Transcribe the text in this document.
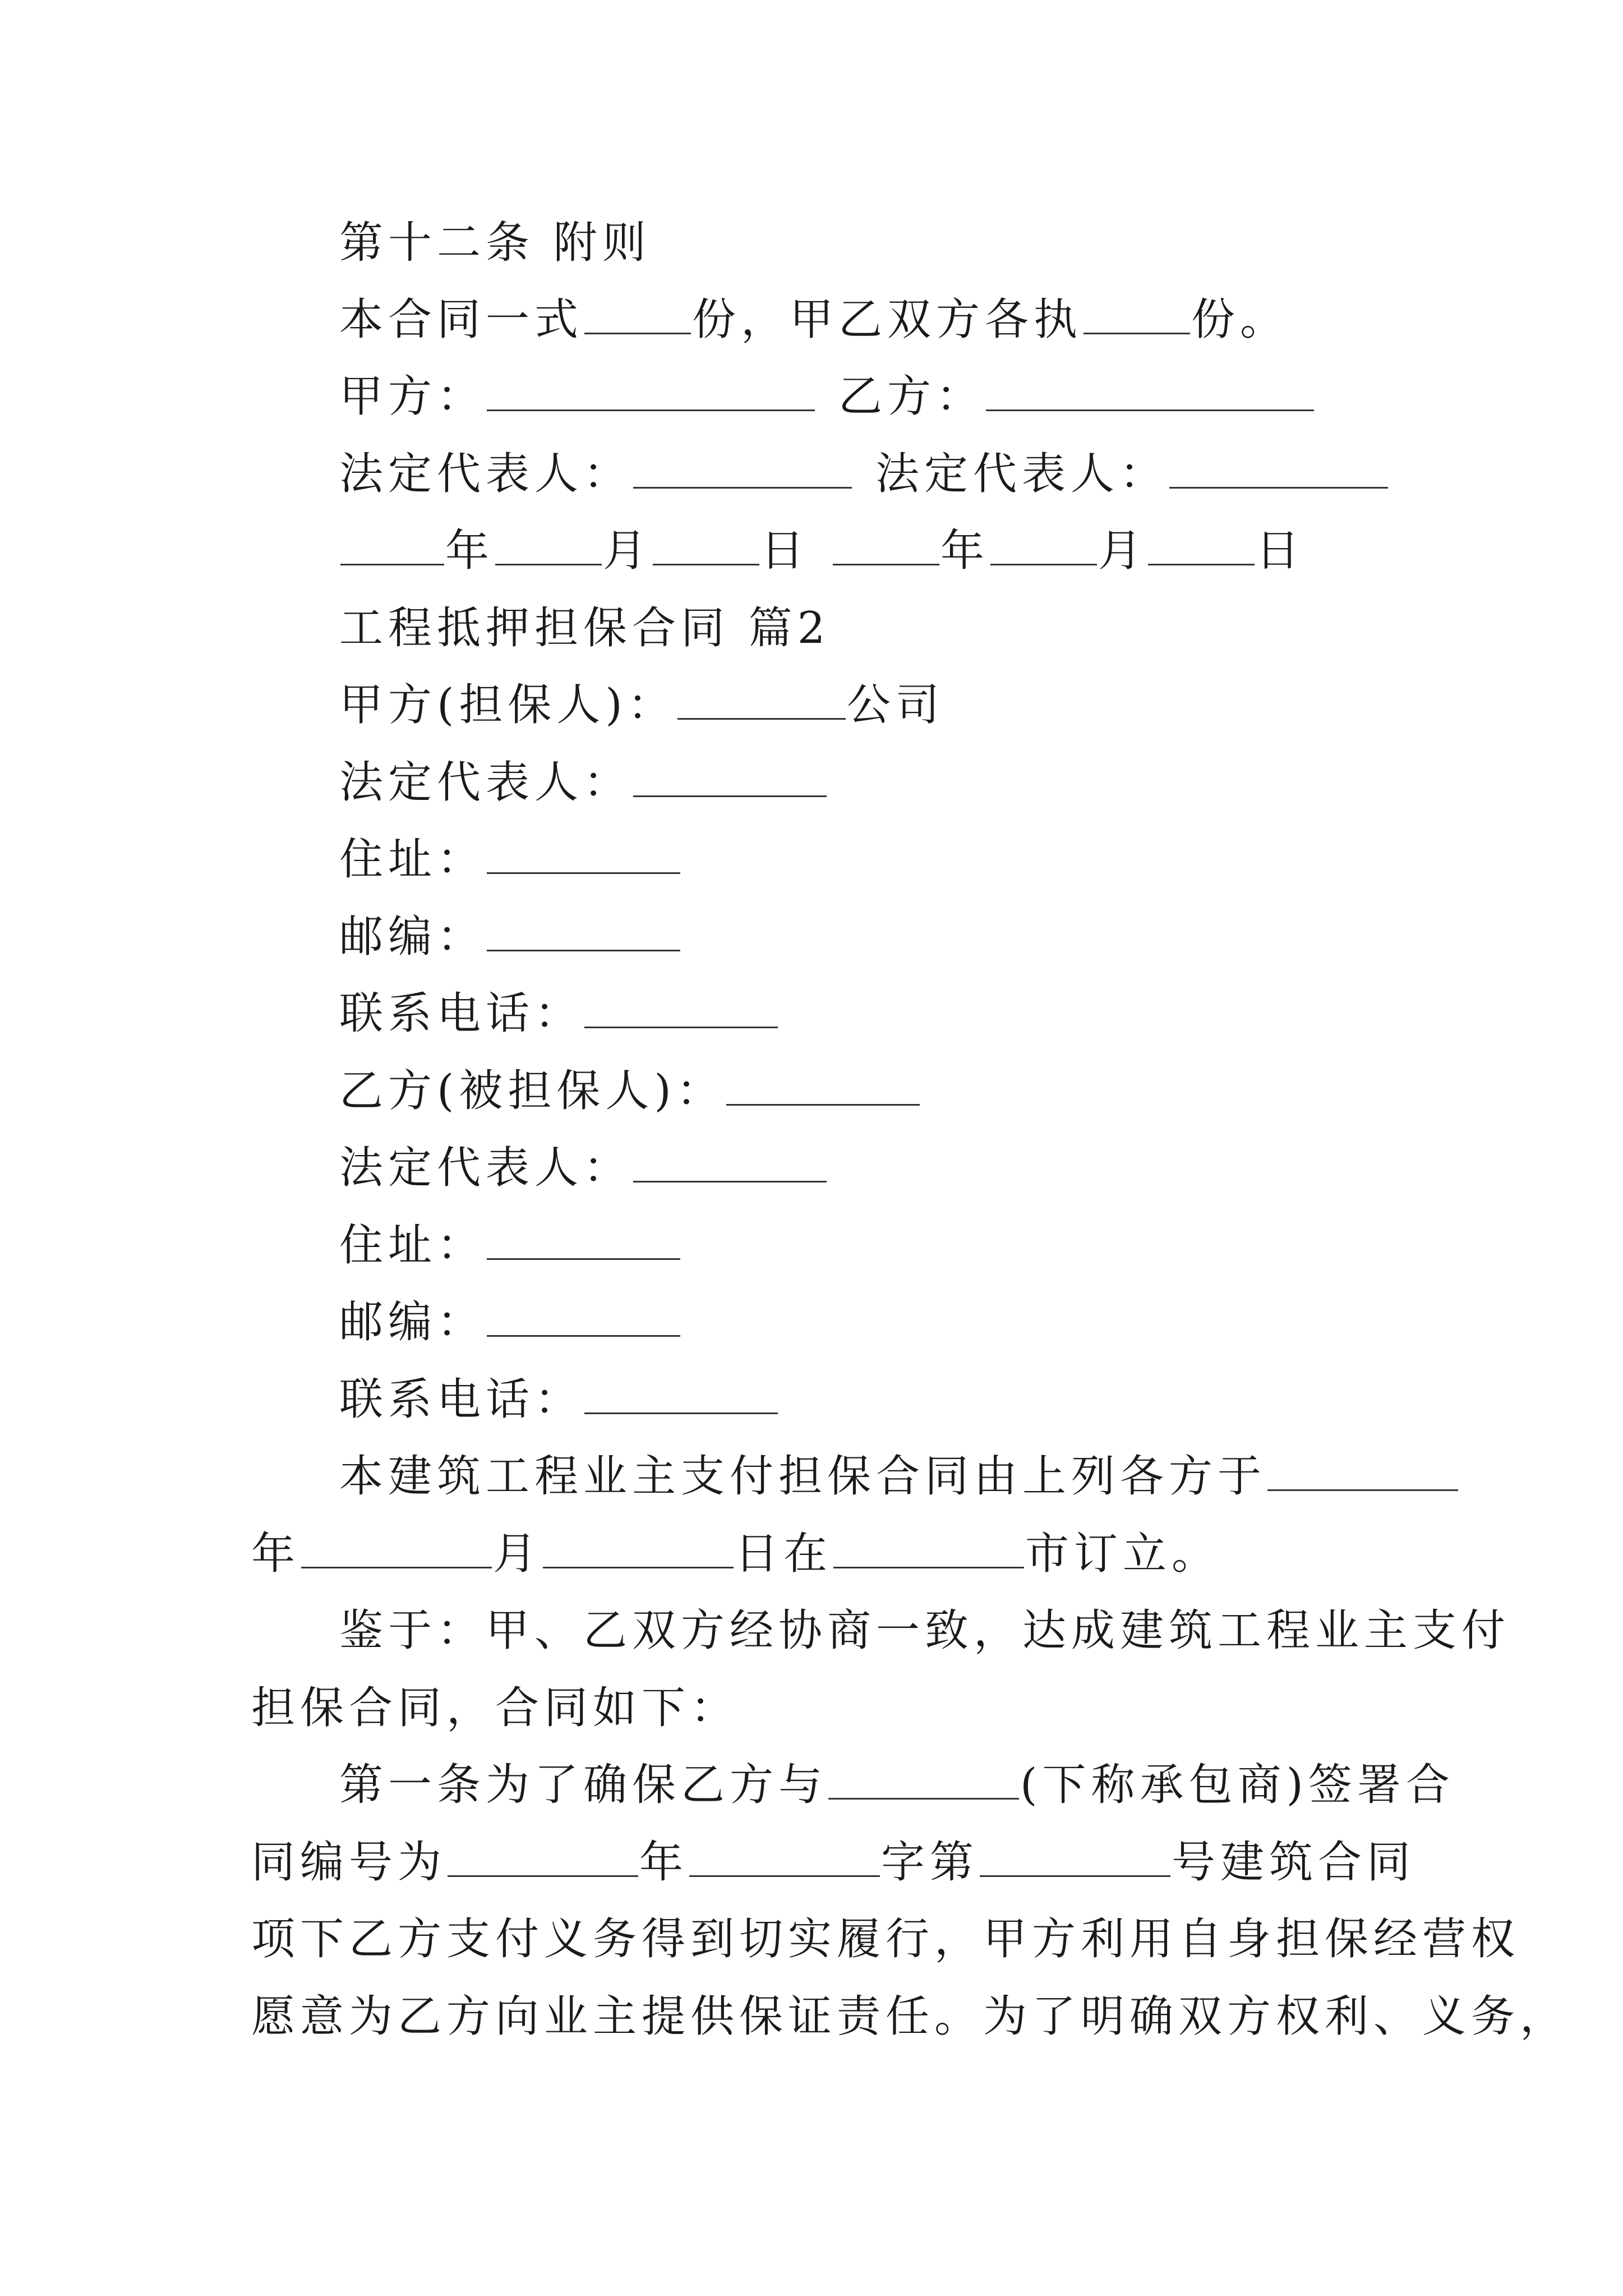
第十二条 附则
本合同一式 份，甲乙双方各执 份。
甲方：	乙方：
法定代表人：	法定代表人：
年 月 日	年 月 日
工程抵押担保合同 篇2
甲方(担保人)：	公司
法定代表人：
住址：
邮编：
联系电话：
乙方(被担保人)：
法定代表人：
住址：
邮编：
联系电话：
本建筑工程业主支付担保合同由上列各方于
年	月	日在	市订立。
鉴于：甲、乙双方经协商一致，达成建筑工程业主支付
担保合同，合同如下：
第一条为了确保乙方与	(下称承包商)签署合
同编号为	年	字第	号建筑合同
项下乙方支付义务得到切实履行，甲方利用自身担保经营权
愿意为乙方向业主提供保证责任。为了明确双方权利、义务，
